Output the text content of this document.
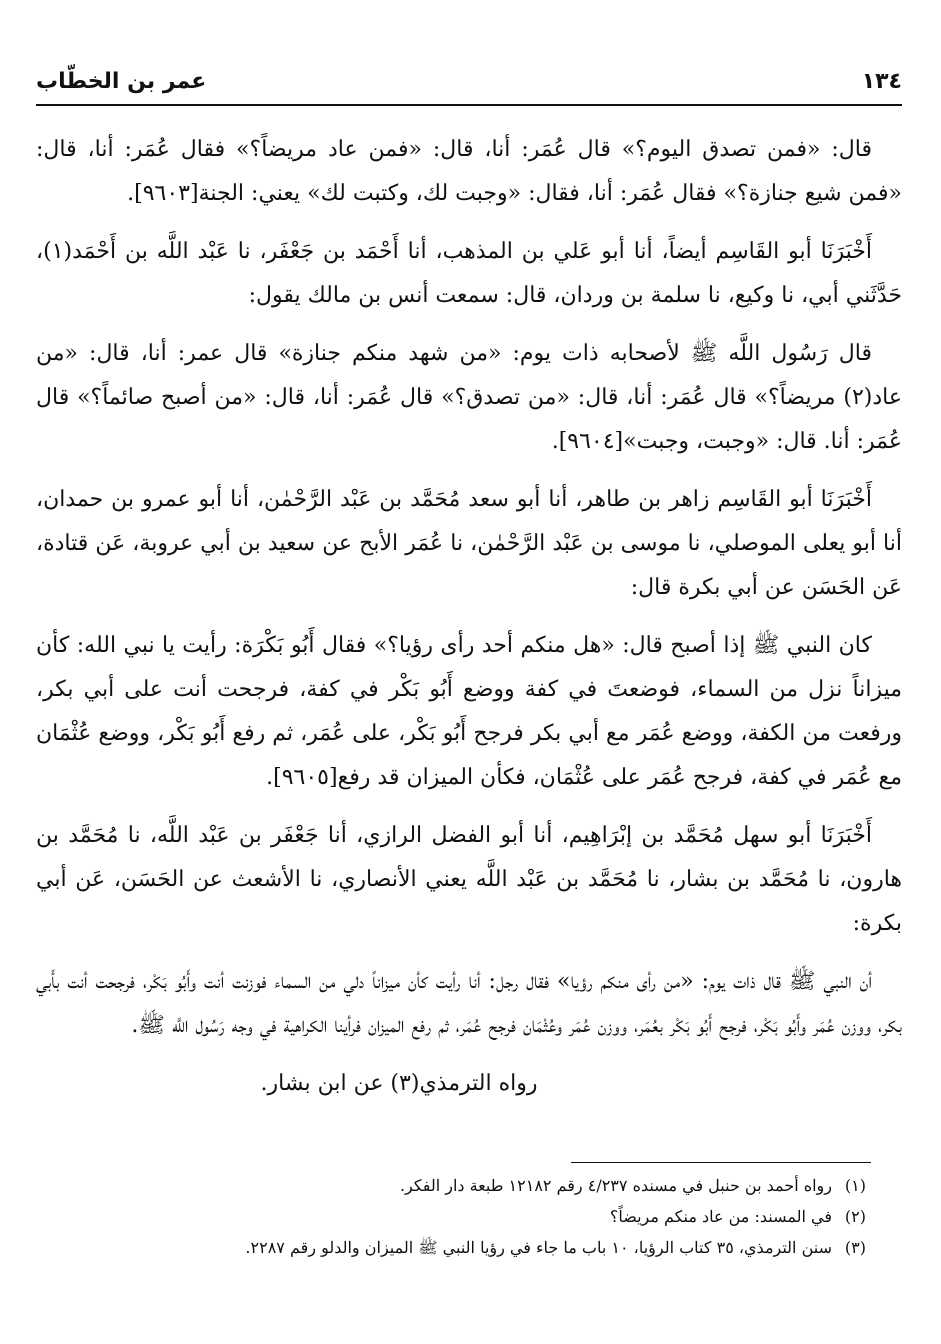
١٣٤
عمر بن الخطّاب

قال: «فمن تصدق اليوم؟» قال عُمَر: أنا، قال: «فمن عاد مريضاً؟» فقال عُمَر: أنا، قال: «فمن شيع جنازة؟» فقال عُمَر: أنا، فقال: «وجبت لك، وكتبت لك» يعني: الجنة[٩٦٠٣].

أَخْبَرَنَا أبو القَاسِم أيضاً، أنا أبو عَلي بن المذهب، أنا أَحْمَد بن جَعْفَر، نا عَبْد اللَّه بن أَحْمَد(١)، حَدَّثَني أبي، نا وكيع، نا سلمة بن وردان، قال: سمعت أنس بن مالك يقول:

قال رَسُول اللَّه ﷺ لأصحابه ذات يوم: «من شهد منكم جنازة» قال عمر: أنا، قال: «من عاد(٢) مريضاً؟» قال عُمَر: أنا، قال: «من تصدق؟» قال عُمَر: أنا، قال: «من أصبح صائماً؟» قال عُمَر: أنا. قال: «وجبت، وجبت»[٩٦٠٤].

أَخْبَرَنَا أبو القَاسِم زاهر بن طاهر، أنا أبو سعد مُحَمَّد بن عَبْد الرَّحْمٰن، أنا أبو عمرو بن حمدان، أنا أبو يعلى الموصلي، نا موسى بن عَبْد الرَّحْمٰن، نا عُمَر الأبح عن سعيد بن أبي عروبة، عَن قتادة، عَن الحَسَن عن أبي بكرة قال:

كان النبي ﷺ إذا أصبح قال: «هل منكم أحد رأى رؤيا؟» فقال أَبُو بَكْرَة: رأيت يا نبي الله: كأن ميزاناً نزل من السماء، فوضعتَ في كفة ووضع أَبُو بَكْر في كفة، فرجحت أنت على أبي بكر، ورفعت من الكفة، ووضع عُمَر مع أبي بكر فرجح أَبُو بَكْر، على عُمَر، ثم رفع أَبُو بَكْر، ووضع عُثْمَان مع عُمَر في كفة، فرجح عُمَر على عُثْمَان، فكأن الميزان قد رفع[٩٦٠٥].

أَخْبَرَنَا أبو سهل مُحَمَّد بن إبْرَاهِيم، أنا أبو الفضل الرازي، أنا جَعْفَر بن عَبْد اللَّه، نا مُحَمَّد بن هارون، نا مُحَمَّد بن بشار، نا مُحَمَّد بن عَبْد اللَّه يعني الأنصاري، نا الأشعث عن الحَسَن، عَن أبي بكرة:

أن النبي ﷺ قال ذات يوم: «من رأى منكم رؤيا» فقال رجل: أنا رأيت كأن ميزاناً دلي من السماء فوزنت أنت وأَبُو بَكْر، فرجحت أنت بأَبي بكر، ووزن عُمَر وأَبُو بَكْر، فرجح أَبُو بَكْر بعُمَر، ووزن عُمَر وعُثْمَان فرجح عُمَر، ثم رفع الميزان فرأينا الكراهية في وجه رَسُول اللَّه ﷺ.

رواه الترمذي(٣) عن ابن بشار.

(١)
رواه أحمد بن حنبل في مسنده ٤/٢٣٧ رقم ١٢١٨٢ طبعة دار الفكر.
(٢)
في المسند: من عاد منكم مريضاً؟
(٣)
سنن الترمذي، ٣٥ كتاب الرؤيا، ١٠ باب ما جاء في رؤيا النبي ﷺ الميزان والدلو رقم ٢٢٨٧.
